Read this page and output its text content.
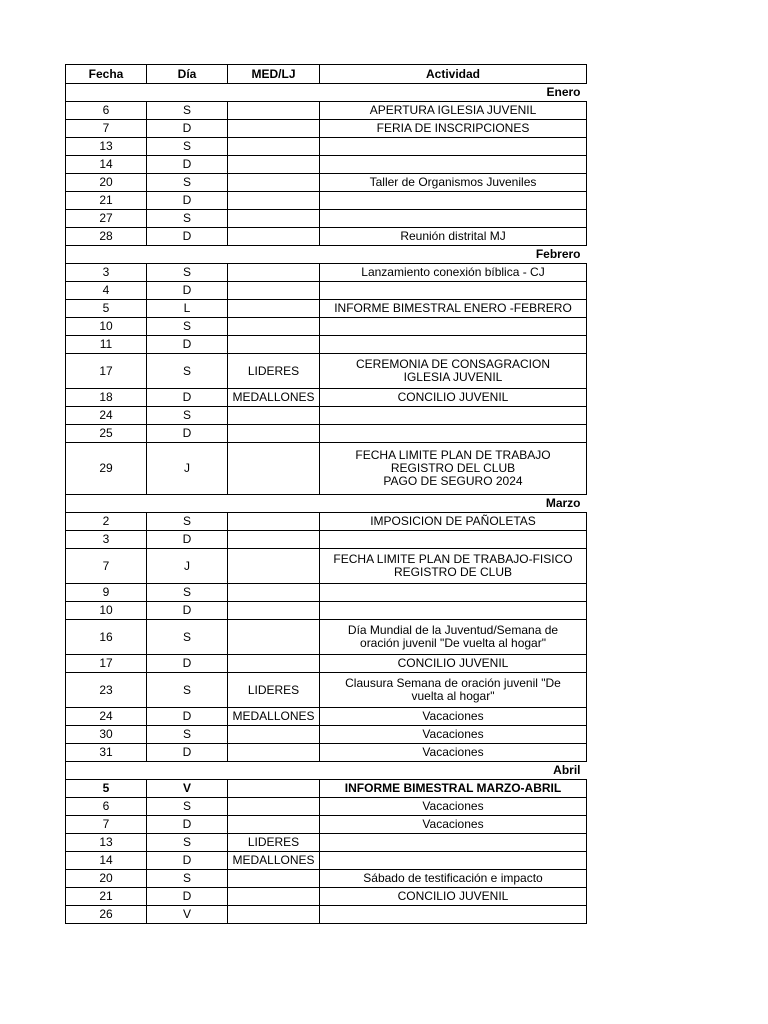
Fecha	Día	MED/LJ	Actividad	
Enero				
6	S		APERTURA IGLESIA JUVENIL	

7	D		FERIA DE INSCRIPCIONES	

13	S			
14	D			
20	S		Taller de Organismos Juveniles	

21	D			
27	S			
28	D		Reunión distrital MJ	

Febrero				
3	S		Lanzamiento conexión bíblica - CJ	

4	D			
5	L		INFORME BIMESTRAL ENERO -FEBRERO	

10	S			
11	D			
17	S	LIDERES	CEREMONIA DE CONSAGRACION
IGLESIA JUVENIL	

18	D	MEDALLONES	CONCILIO JUVENIL	

24	S			
25	D			
29	J		FECHA LIMITE PLAN DE TRABAJO
REGISTRO DEL CLUB
PAGO DE SEGURO 2024	

Marzo				
2	S		IMPOSICION DE PAÑOLETAS	

3	D			
7	J		FECHA LIMITE PLAN DE TRABAJO-FISICO
REGISTRO DE CLUB	

9	S			
10	D			
16	S		Día Mundial de la Juventud/Semana de
oración juvenil "De vuelta al hogar"	

17	D		CONCILIO JUVENIL	

23	S	LIDERES	Clausura Semana de oración juvenil "De
vuelta al hogar"	

24	D	MEDALLONES	Vacaciones	

30	S		Vacaciones	

31	D		Vacaciones	

Abril				
5	V		INFORME BIMESTRAL MARZO-ABRIL	

6	S		Vacaciones	

7	D		Vacaciones	

13	S	LIDERES		
14	D	MEDALLONES		
20	S		Sábado de testificación e impacto	

21	D		CONCILIO JUVENIL	

26	V			
